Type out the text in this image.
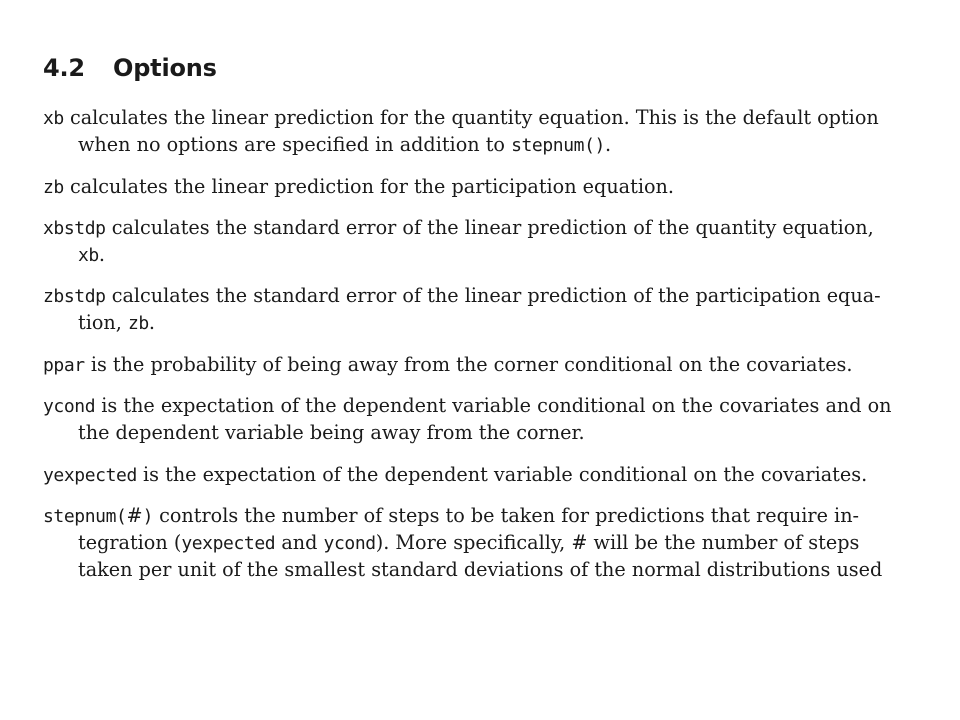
4.2 Options
xb calculates the linear prediction for the quantity equation. This is the default option
when no options are specified in addition to stepnum().
zb calculates the linear prediction for the participation equation.
xbstdp calculates the standard error of the linear prediction of the quantity equation,
xb.
zbstdp calculates the standard error of the linear prediction of the participation equa-
tion, zb.
ppar is the probability of being away from the corner conditional on the covariates.
ycond is the expectation of the dependent variable conditional on the covariates and on
the dependent variable being away from the corner.
yexpected is the expectation of the dependent variable conditional on the covariates.
stepnum(#) controls the number of steps to be taken for predictions that require in-
tegration (yexpected and ycond). More specifically, # will be the number of steps
taken per unit of the smallest standard deviations of the normal distributions used
